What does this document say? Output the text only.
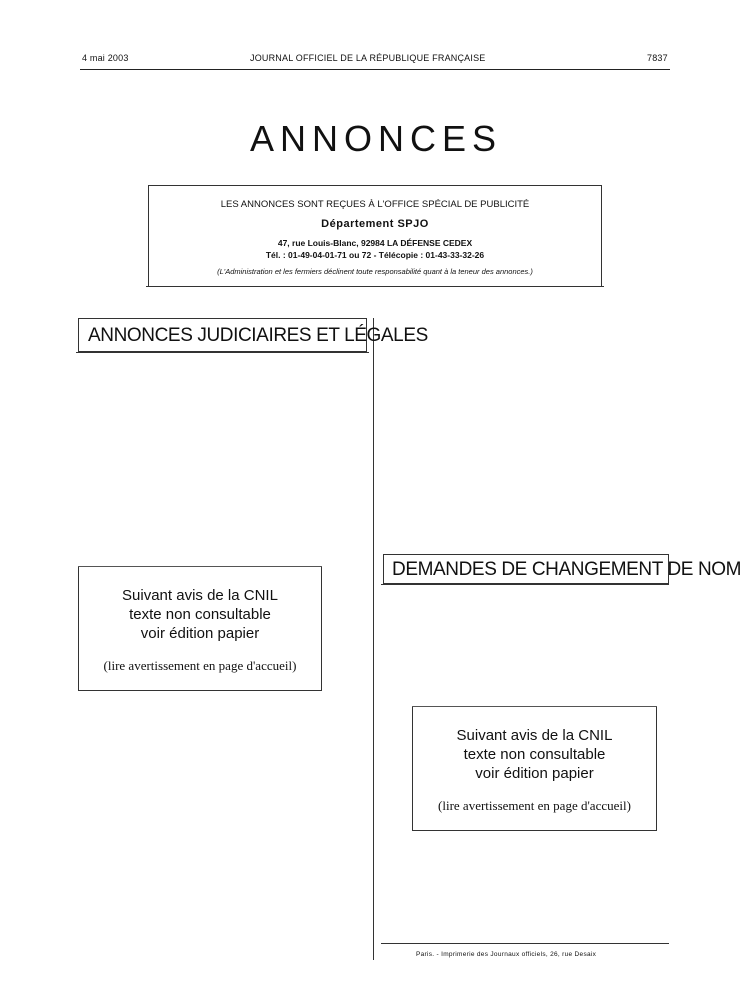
4 mai 2003	JOURNAL OFFICIEL DE LA RÉPUBLIQUE FRANÇAISE	7837
ANNONCES
LES ANNONCES SONT REÇUES À L'OFFICE SPÉCIAL DE PUBLICITÉ
Département SPJO
47, rue Louis-Blanc, 92984 LA DÉFENSE CEDEX
Tél. : 01-49-04-01-71 ou 72 - Télécopie : 01-43-33-32-26
(L'Administration et les fermiers déclinent toute responsabilité quant à la teneur des annonces.)
ANNONCES JUDICIAIRES ET LÉGALES
Suivant avis de la CNIL
texte non consultable
voir édition papier
(lire avertissement en page d'accueil)
DEMANDES DE CHANGEMENT DE NOM
Suivant avis de la CNIL
texte non consultable
voir édition papier
(lire avertissement en page d'accueil)
Paris. - Imprimerie des Journaux officiels, 26, rue Desaix
